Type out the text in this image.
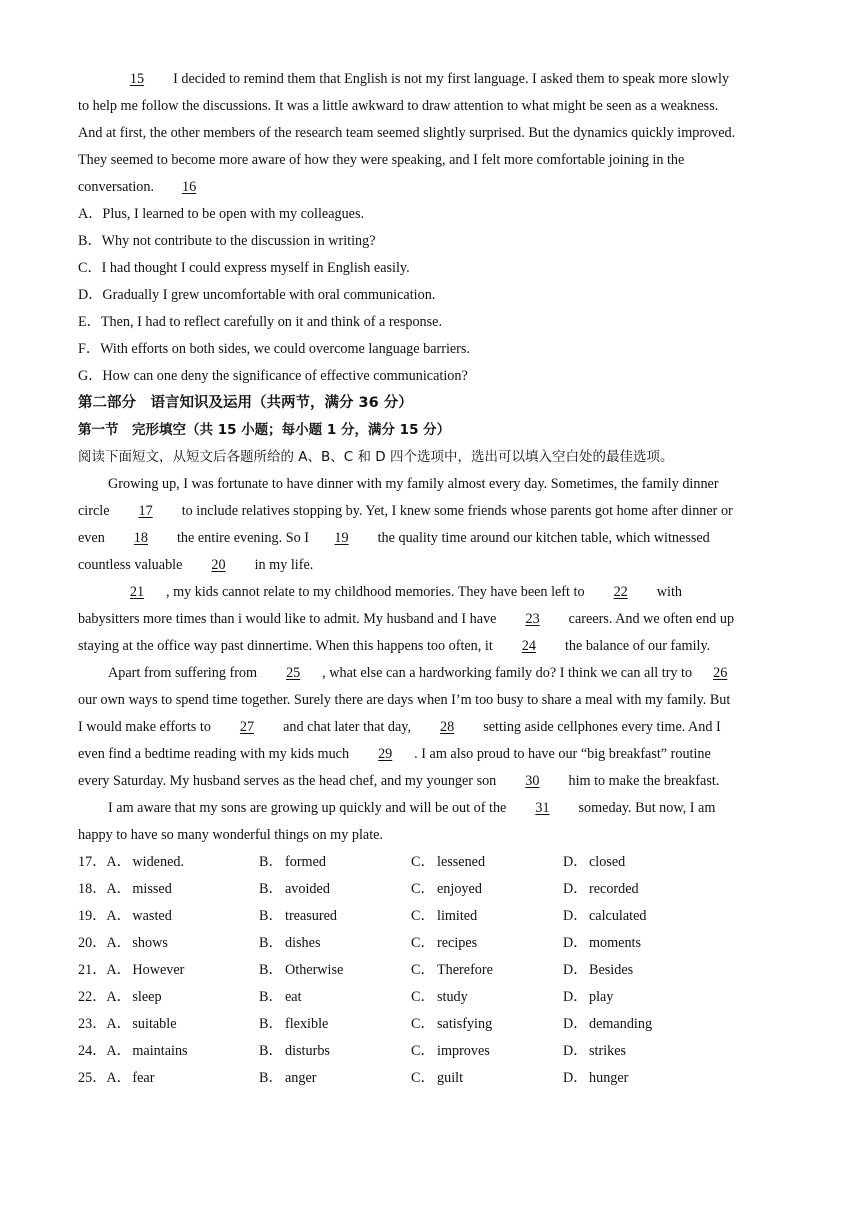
15 I decided to remind them that English is not my first language. I asked them to speak more slowly
to help me follow the discussions. It was a little awkward to draw attention to what might be seen as a weakness.
And at first, the other members of the research team seemed slightly surprised. But the dynamics quickly improved.
They seemed to become more aware of how they were speaking, and I felt more comfortable joining in the
conversation. 16
A．Plus, I learned to be open with my colleagues.
B．Why not contribute to the discussion in writing?
C．I had thought I could express myself in English easily.
D．Gradually I grew uncomfortable with oral communication.
E．Then, I had to reflect carefully on it and think of a response.
F．With efforts on both sides, we could overcome language barriers.
G．How can one deny the significance of effective communication?
第二部分　语言知识及运用（共两节，满分 36 分）
第一节　完形填空（共 15 小题；每小题 1 分，满分 15 分）
阅读下面短文，从短文后各题所给的 A、B、C 和 D 四个选项中，选出可以填入空白处的最佳选项。
Growing up, I was fortunate to have dinner with my family almost every day. Sometimes, the family dinner
circle 17 to include relatives stopping by. Yet, I knew some friends whose parents got home after dinner or
even 18 the entire evening. So I 19 the quality time around our kitchen table, which witnessed
countless valuable 20 in my life.
21 , my kids cannot relate to my childhood memories. They have been left to 22 with
babysitters more times than i would like to admit. My husband and I have 23 careers. And we often end up
staying at the office way past dinnertime. When this happens too often, it 24 the balance of our family.
Apart from suffering from 25 , what else can a hardworking family do? I think we can all try to 26
our own ways to spend time together. Surely there are days when I’m too busy to share a meal with my family. But
I would make efforts to 27 and chat later that day, 28 setting aside cellphones every time. And I
even find a bedtime reading with my kids much 29 . I am also proud to have our “big breakfast” routine
every Saturday. My husband serves as the head chef, and my younger son 30 him to make the breakfast.
I am aware that my sons are growing up quickly and will be out of the 31 someday. But now, I am
happy to have so many wonderful things on my plate.
17．A． widened.	B． formed	C． lessened	D． closed
18．A． missed	B． avoided	C． enjoyed	D． recorded
19．A． wasted	B． treasured	C． limited	D． calculated
20．A． shows	B． dishes	C． recipes	D． moments
21．A． However	B． Otherwise	C． Therefore	D． Besides
22．A． sleep	B． eat	C． study	D． play
23．A． suitable	B． flexible	C． satisfying	D． demanding
24．A． maintains	B． disturbs	C． improves	D． strikes
25．A． fear	B． anger	C． guilt	D． hunger
